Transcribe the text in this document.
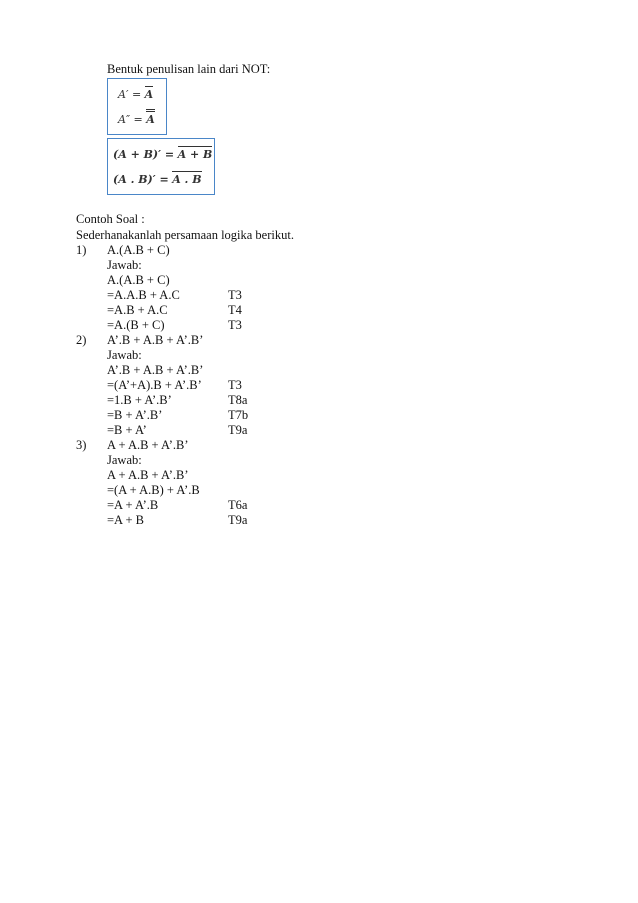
Bentuk penulisan lain dari NOT:
A′ = A
A″ = A
(A + B)′ = A + B
(A . B)′ = A . B
Contoh Soal :
Sederhanakanlah persamaan logika berikut.
1) A.(A.B + C)
Jawab:
A.(A.B + C)
=A.A.B + A.C	T3
=A.B + A.C	T4
=A.(B + C)	T3
2) A’.B + A.B + A’.B’
Jawab:
A’.B + A.B + A’.B’
=(A’+A).B + A’.B’ T3
=1.B + A’.B’	T8a
=B + A’.B’	T7b
=B + A’	T9a
3) A + A.B + A’.B’
Jawab:
A + A.B + A’.B’
=(A + A.B) + A’.B
=A + A’.B	T6a
=A + B	T9a
